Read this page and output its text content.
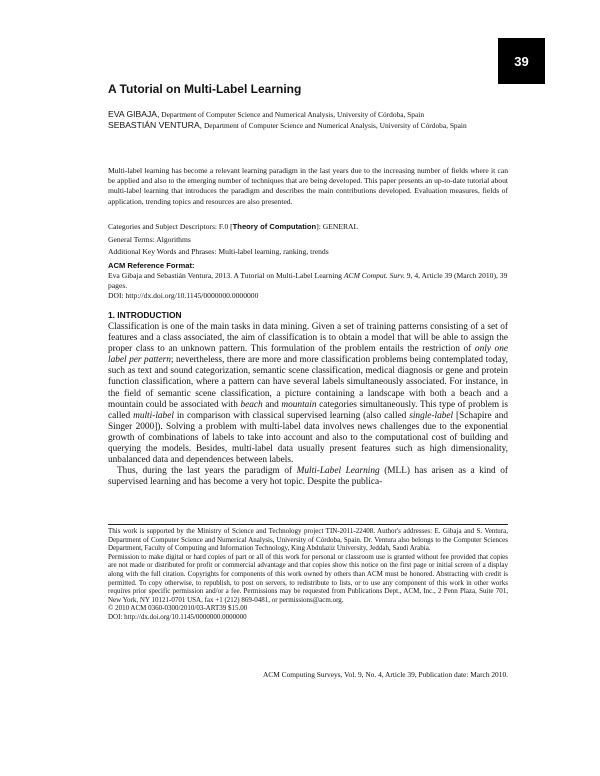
39
A Tutorial on Multi-Label Learning
EVA GIBAJA, Department of Computer Science and Numerical Analysis, University of Córdoba, Spain
SEBASTIÁN VENTURA, Department of Computer Science and Numerical Analysis, University of Córdoba, Spain

Multi-label learning has become a relevant learning paradigm in the last years due to the increasing number of fields where it can be applied and also to the emerging number of techniques that are being developed. This paper presents an up-to-date tutorial about multi-label learning that introduces the paradigm and describes the main contributions developed. Evaluation measures, fields of application, trending topics and resources are also presented.

Categories and Subject Descriptors: F.0 [Theory of Computation]: GENERAL
General Terms: Algorithms
Additional Key Words and Phrases: Multi-label learning, ranking, trends
ACM Reference Format:
Eva Gibaja and Sebastián Ventura, 2013. A Tutorial on Multi-Label Learning ACM Comput. Surv. 9, 4, Article 39 (March 2010), 39 pages.
DOI: http://dx.doi.org/10.1145/0000000.0000000
1. INTRODUCTION

Classification is one of the main tasks in data mining. Given a set of training patterns consisting of a set of features and a class associated, the aim of classification is to obtain a model that will be able to assign the proper class to an unknown pattern. This formulation of the problem entails the restriction of only one label per pattern; nevertheless, there are more and more classification problems being contemplated today, such as text and sound categorization, semantic scene classification, medical diagnosis or gene and protein function classification, where a pattern can have several labels simultaneously associated. For instance, in the field of semantic scene classification, a picture containing a landscape with both a beach and a mountain could be associated with beach and mountain categories simultaneously. This type of problem is called multi-label in comparison with classical supervised learning (also called single-label [Schapire and Singer 2000]). Solving a problem with multi-label data involves news challenges due to the exponential growth of combinations of labels to take into account and also to the computational cost of building and querying the models. Besides, multi-label data usually present features such as high dimensionality, unbalanced data and dependences between labels.

Thus, during the last years the paradigm of Multi-Label Learning (MLL) has arisen as a kind of supervised learning and has become a very hot topic. Despite the publica-

This work is supported by the Ministry of Science and Technology project TIN-2011-22408. Author's addresses: E. Gibaja and S. Ventura, Department of Computer Science and Numerical Analysis, University of Córdoba, Spain. Dr. Ventura also belongs to the Computer Sciences Department, Faculty of Computing and Information Technology, King Abdulaziz University, Jeddah, Saudi Arabia.

Permission to make digital or hard copies of part or all of this work for personal or classroom use is granted without fee provided that copies are not made or distributed for profit or commercial advantage and that copies show this notice on the first page or initial screen of a display along with the full citation. Copyrights for components of this work owned by others than ACM must be honored. Abstracting with credit is permitted. To copy otherwise, to republish, to post on servers, to redistribute to lists, or to use any component of this work in other works requires prior specific permission and/or a fee. Permissions may be requested from Publications Dept., ACM, Inc., 2 Penn Plaza, Suite 701, New York, NY 10121-0701 USA, fax +1 (212) 869-0481, or permissions@acm.org.

© 2010 ACM 0360-0300/2010/03-ART39 $15.00

DOI: http://dx.doi.org/10.1145/0000000.0000000

ACM Computing Surveys, Vol. 9, No. 4, Article 39, Publication date: March 2010.
